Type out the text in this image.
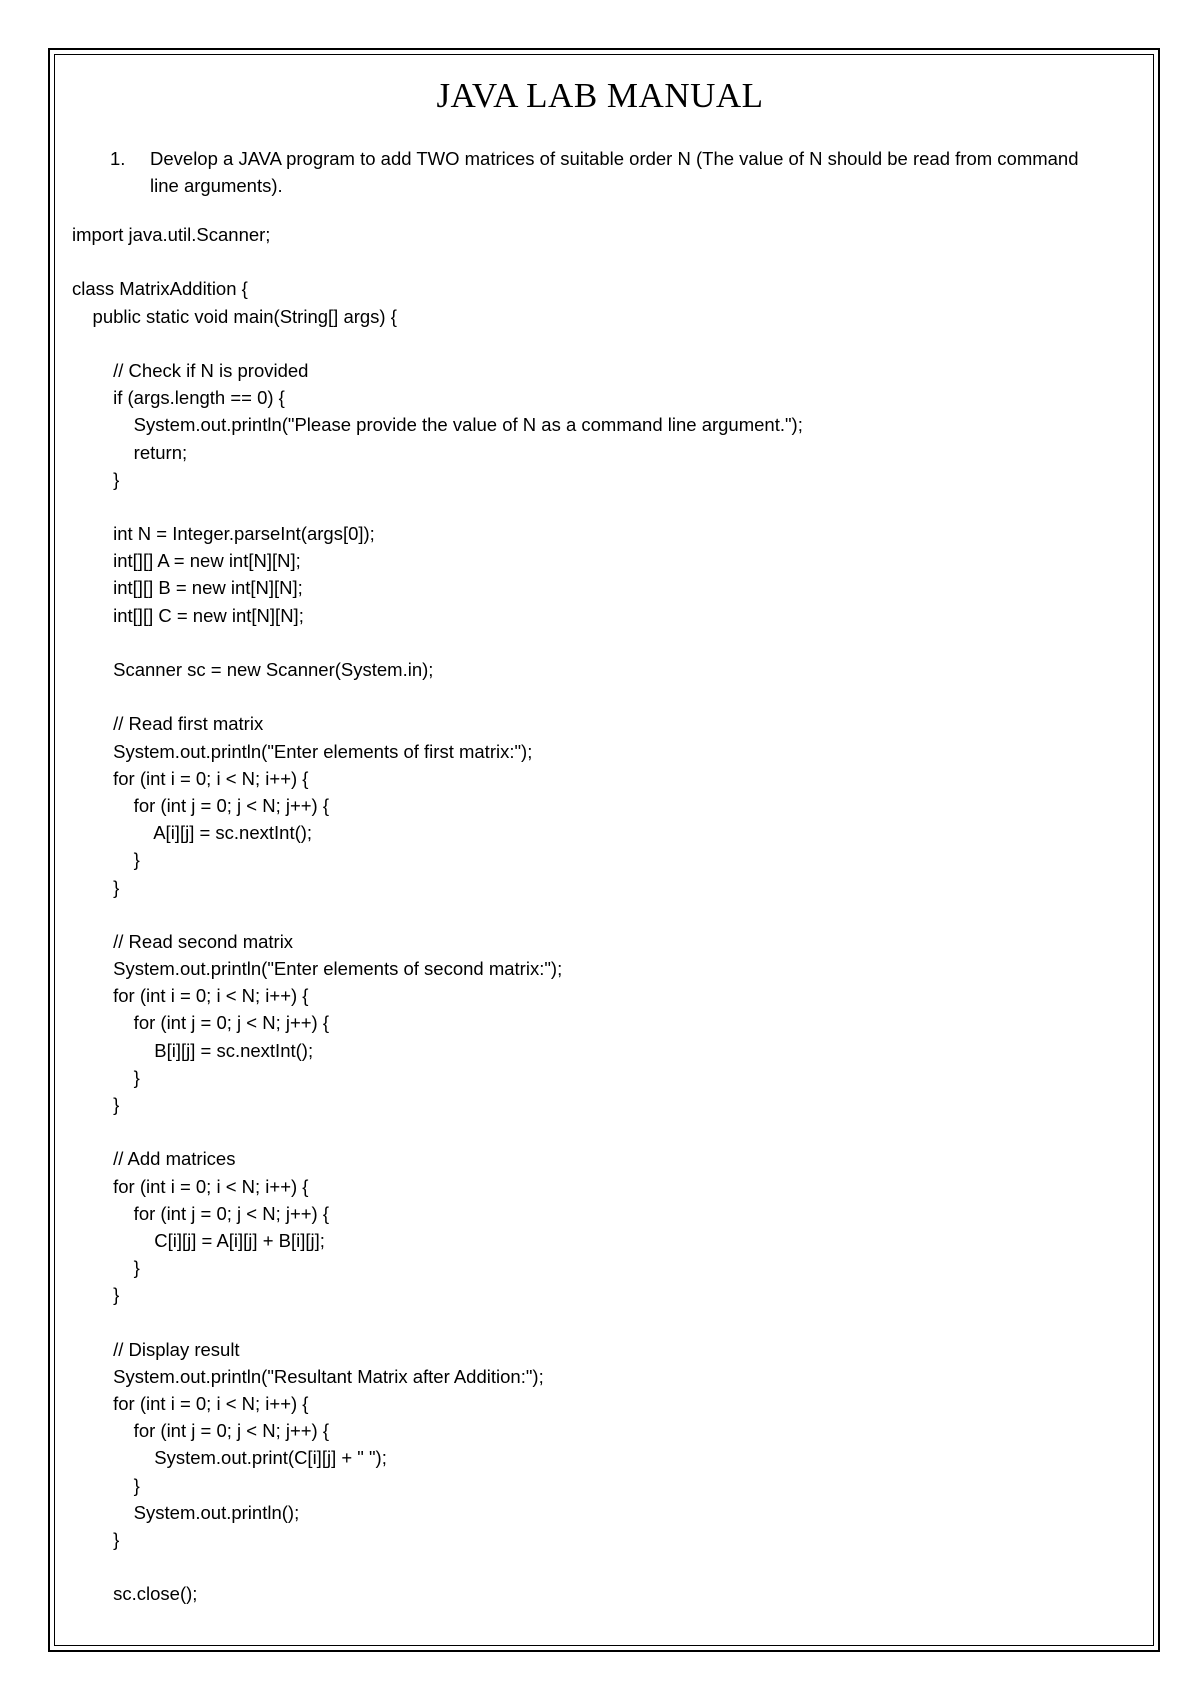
JAVA LAB MANUAL
1.	Develop a JAVA program to add TWO matrices of suitable order N (The value of N should be read from command line arguments).
import java.util.Scanner;
class MatrixAddition {
public static void main(String[] args) {
// Check if N is provided
if (args.length == 0) {
System.out.println("Please provide the value of N as a command line argument.");
return;
}
int N = Integer.parseInt(args[0]);
int[][] A = new int[N][N];
int[][] B = new int[N][N];
int[][] C = new int[N][N];
Scanner sc = new Scanner(System.in);
// Read first matrix
System.out.println("Enter elements of first matrix:");
for (int i = 0; i < N; i++) {
for (int j = 0; j < N; j++) {
A[i][j] = sc.nextInt();
}
}
// Read second matrix
System.out.println("Enter elements of second matrix:");
for (int i = 0; i < N; i++) {
for (int j = 0; j < N; j++) {
B[i][j] = sc.nextInt();
}
}
// Add matrices
for (int i = 0; i < N; i++) {
for (int j = 0; j < N; j++) {
C[i][j] = A[i][j] + B[i][j];
}
}
// Display result
System.out.println("Resultant Matrix after Addition:");
for (int i = 0; i < N; i++) {
for (int j = 0; j < N; j++) {
System.out.print(C[i][j] + " ");
}
System.out.println();
}
sc.close();
